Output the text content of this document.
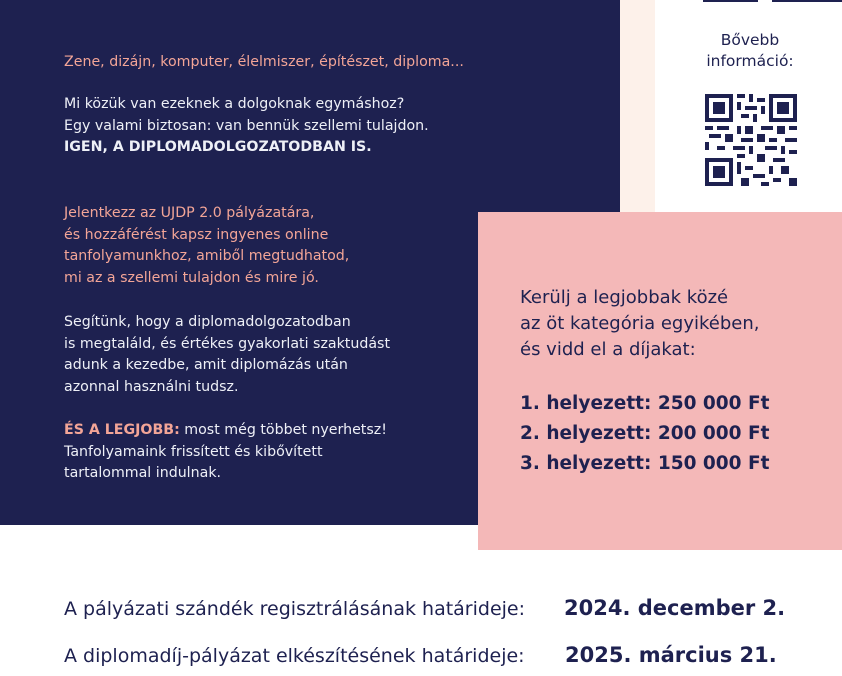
Zene, dizájn, komputer, élelmiszer, építészet, diploma...

Mi közük van ezeknek a dolgoknak egymáshoz?
Egy valami biztosan: van bennük szellemi tulajdon.
IGEN, A DIPLOMADOLGOZATODBAN IS.

Jelentkezz az UJDP 2.0 pályázatára,
és hozzáférést kapsz ingyenes online
tanfolyamunkhoz, amiből megtudhatod,
mi az a szellemi tulajdon és mire jó.

Segítünk, hogy a diplomadolgozatodban
is megtaláld, és értékes gyakorlati szaktudást
adunk a kezedbe, amit diplomázás után
azonnal használni tudsz.

ÉS A LEGJOBB: most még többet nyerhetsz!
Tanfolyamaink frissített és kibővített
tartalommal indulnak.

Bővebb
információ:

Kerülj a legjobbak közé
az öt kategória egyikében,
és vidd el a díjakat:

1. helyezett: 250 000 Ft

2. helyezett: 200 000 Ft

3. helyezett: 150 000 Ft

A pályázati szándék regisztrálásának határideje: 2024. december 2.

A diplomadíj-pályázat elkészítésének határideje: 2025. március 21.
